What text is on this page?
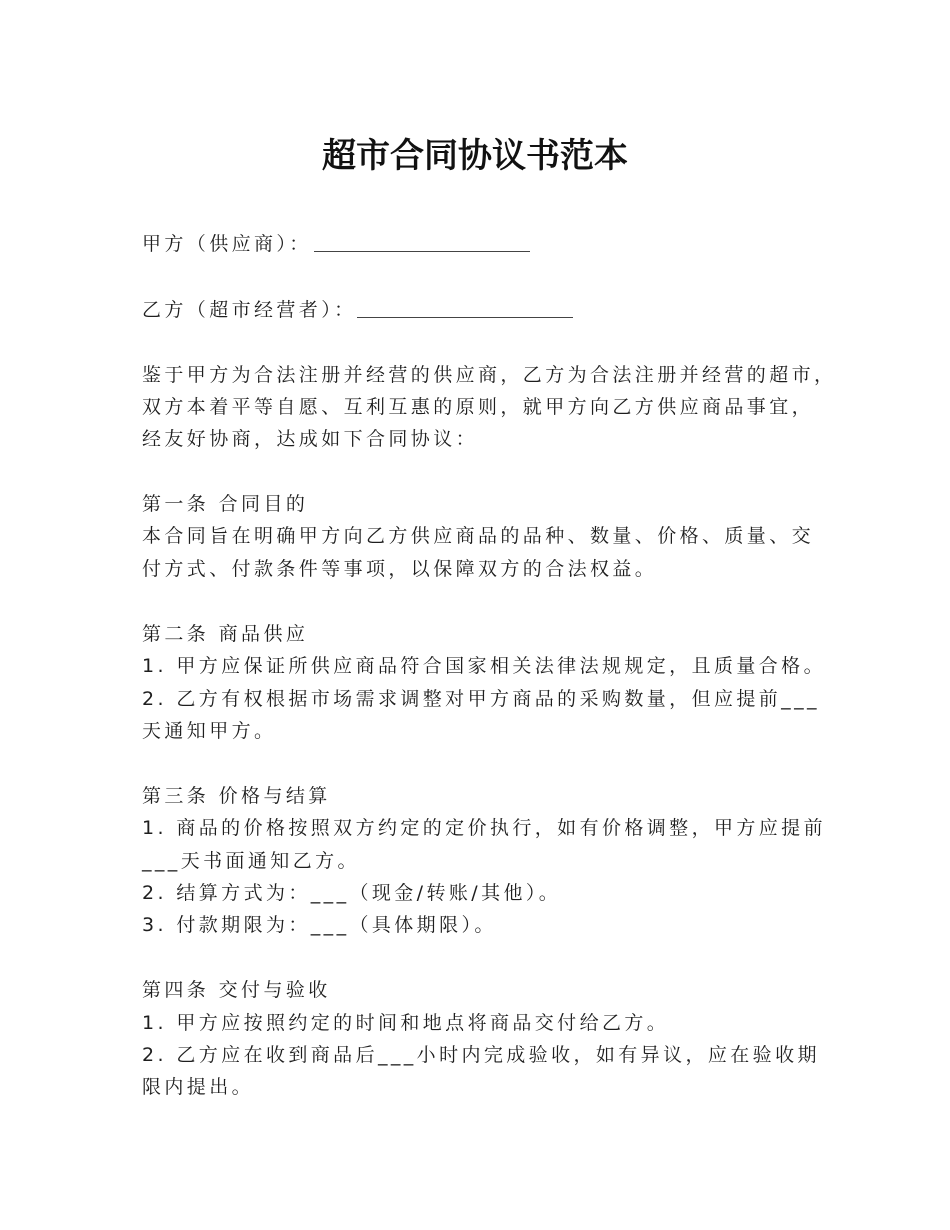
超市合同协议书范本
甲方（供应商）：
乙方（超市经营者）：
鉴于甲方为合法注册并经营的供应商，乙方为合法注册并经营的超市，
双方本着平等自愿、互利互惠的原则，就甲方向乙方供应商品事宜，
经友好协商，达成如下合同协议：
第一条 合同目的
本合同旨在明确甲方向乙方供应商品的品种、数量、价格、质量、交
付方式、付款条件等事项，以保障双方的合法权益。
第二条 商品供应
1. 甲方应保证所供应商品符合国家相关法律法规规定，且质量合格。
2. 乙方有权根据市场需求调整对甲方商品的采购数量，但应提前___
天通知甲方。
第三条 价格与结算
1. 商品的价格按照双方约定的定价执行，如有价格调整，甲方应提前
___天书面通知乙方。
2. 结算方式为：___（现金/转账/其他）。
3. 付款期限为：___（具体期限）。
第四条 交付与验收
1. 甲方应按照约定的时间和地点将商品交付给乙方。
2. 乙方应在收到商品后___小时内完成验收，如有异议，应在验收期
限内提出。
